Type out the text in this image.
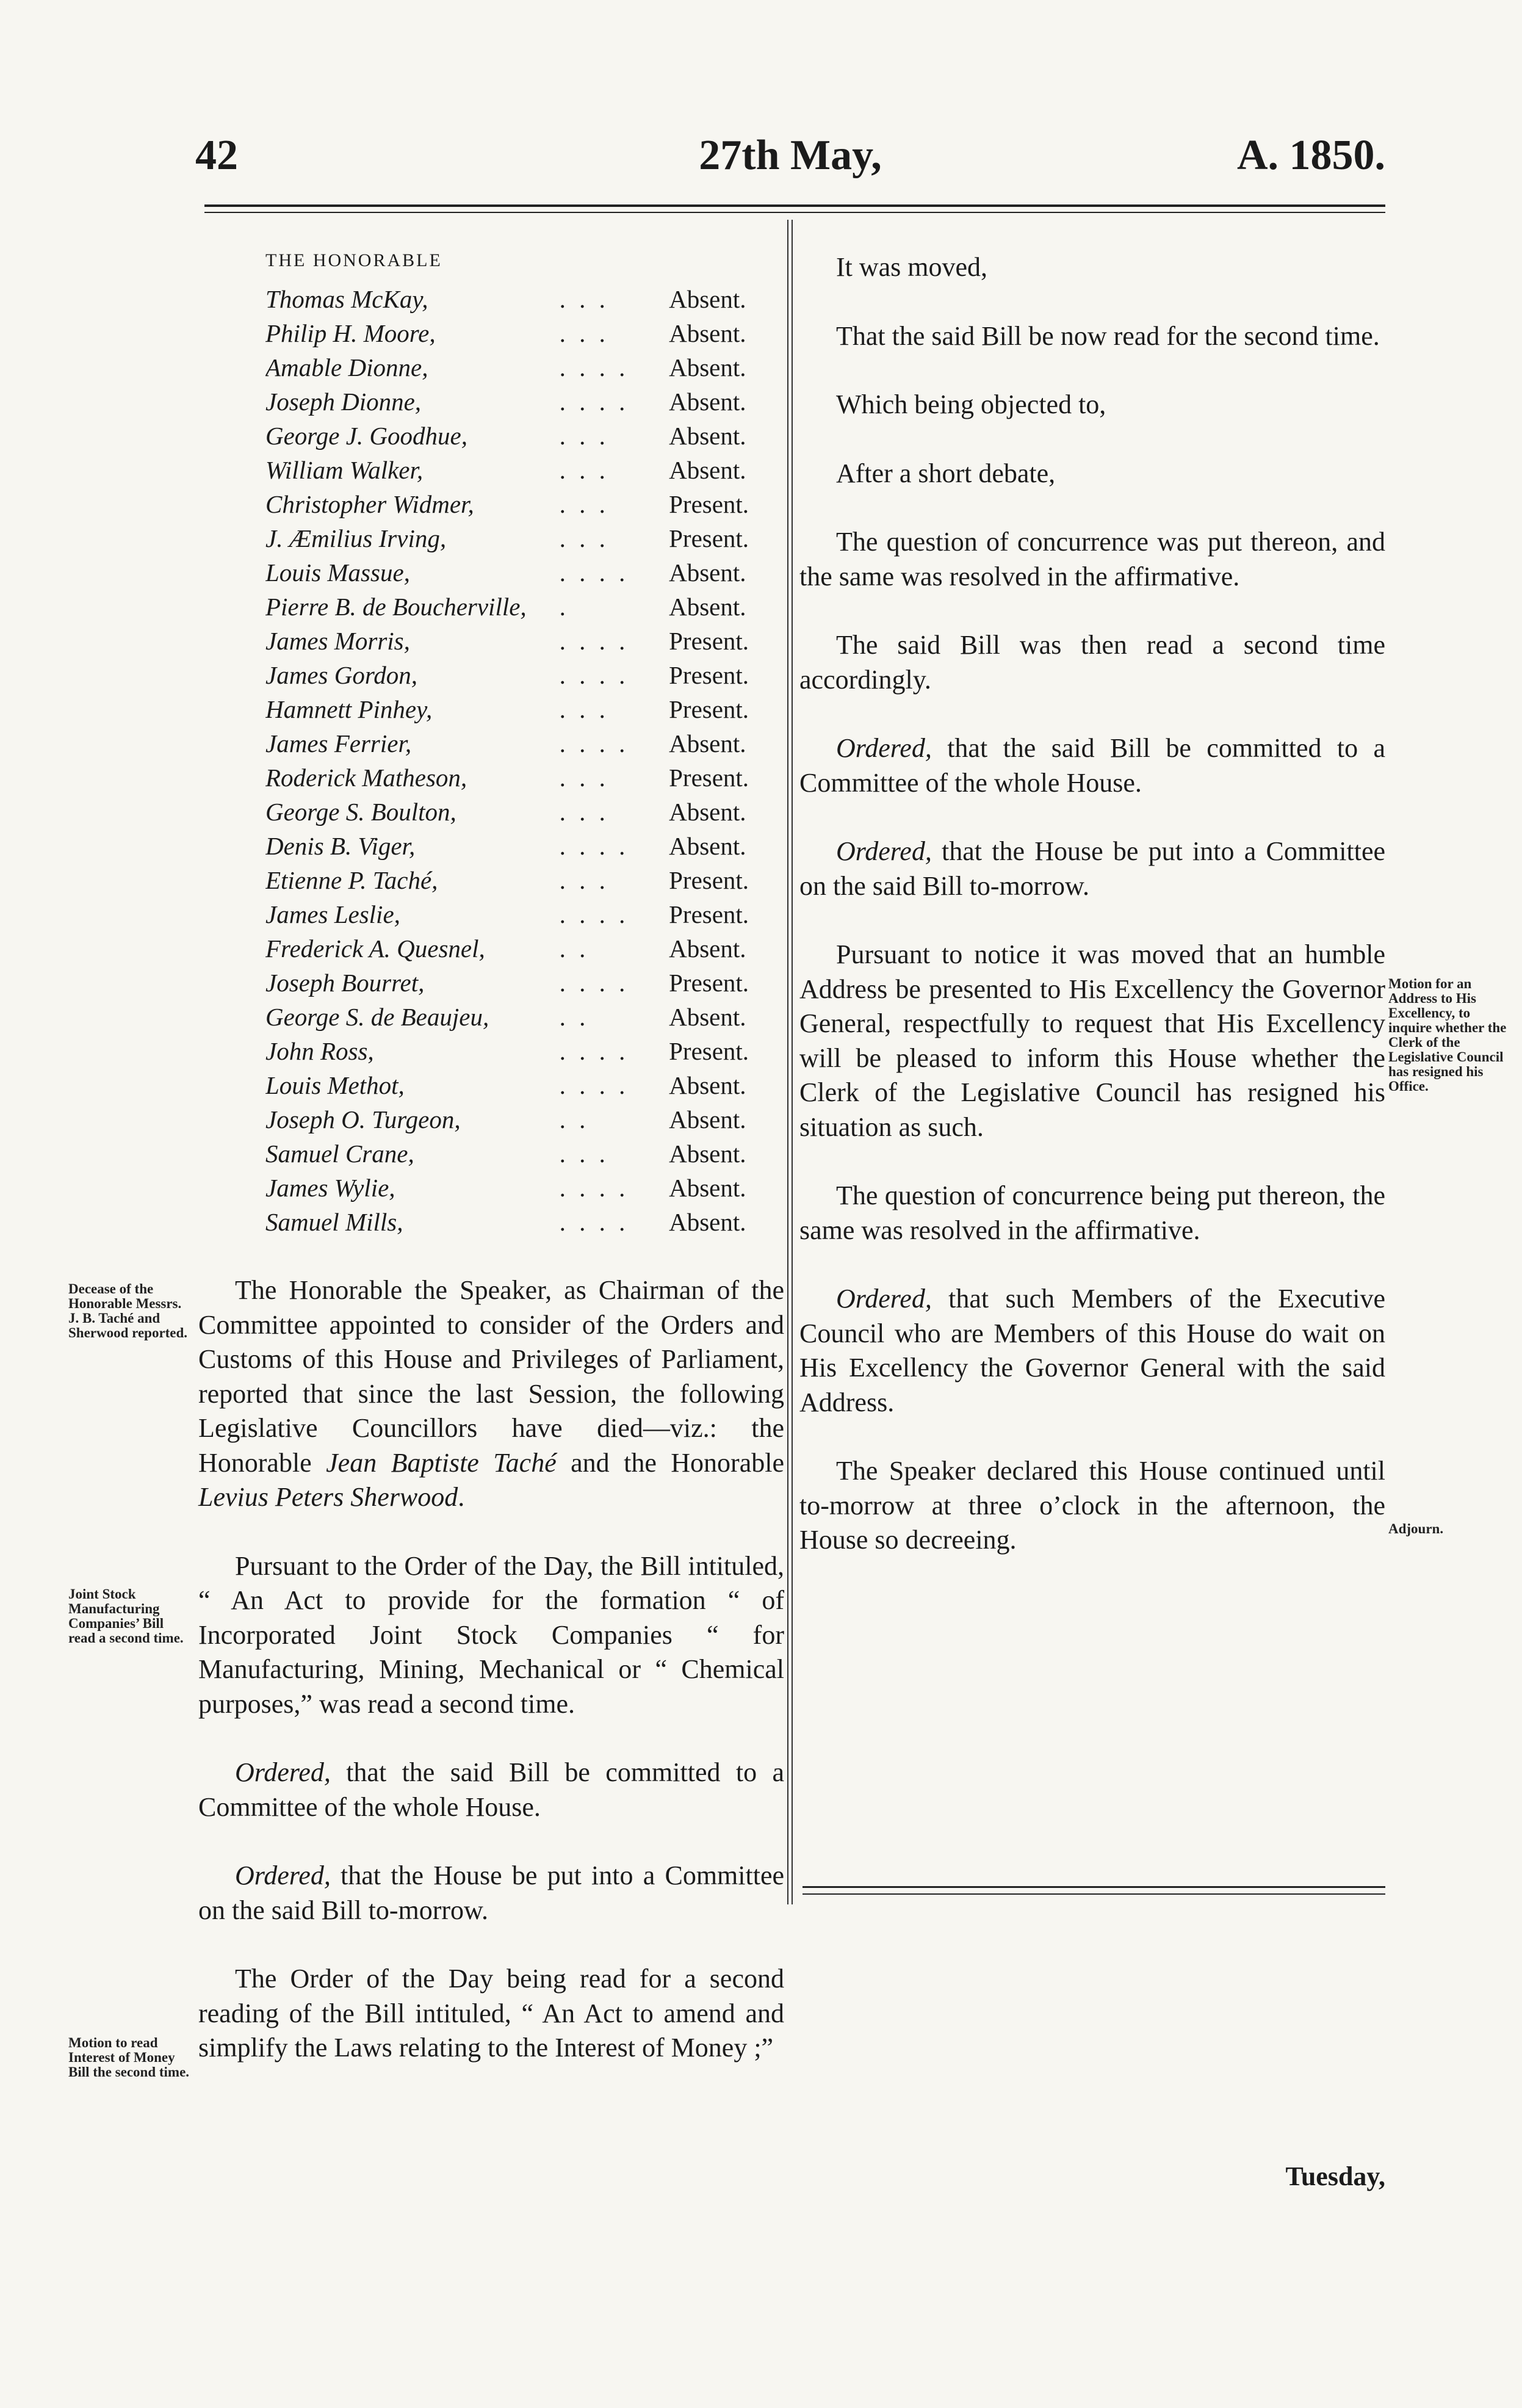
42	27th May,	A. 1850.
THE HONORABLE
Thomas McKay,	. . .	Absent.
Philip H. Moore,	. . .	Absent.
Amable Dionne,	. . . .	Absent.
Joseph Dionne,	. . . .	Absent.
George J. Goodhue,	. . .	Absent.
William Walker,	. . .	Absent.
Christopher Widmer,	. . .	Present.
J. Æmilius Irving,	. . .	Present.
Louis Massue,	. . . .	Absent.
Pierre B. de Boucherville,	.	Absent.
James Morris,	. . . .	Present.
James Gordon,	. . . .	Present.
Hamnett Pinhey,	. . .	Present.
James Ferrier,	. . . .	Absent.
Roderick Matheson,	. . .	Present.
George S. Boulton,	. . .	Absent.
Denis B. Viger,	. . . .	Absent.
Etienne P. Taché,	. . .	Present.
James Leslie,	. . . .	Present.
Frederick A. Quesnel,	. .	Absent.
Joseph Bourret,	. . . .	Present.
George S. de Beaujeu,	. .	Absent.
John Ross,	. . . .	Present.
Louis Methot,	. . . .	Absent.
Joseph O. Turgeon,	. .	Absent.
Samuel Crane,	. . .	Absent.
James Wylie,	. . . .	Absent.
Samuel Mills,	. . . .	Absent.

The Honorable the Speaker, as Chairman of the Committee appointed to consider of the Orders and Customs of this House and Privileges of Parliament, reported that since the last Session, the following Legislative Councillors have died—viz.: the Honorable Jean Baptiste Taché and the Honorable Levius Peters Sherwood.

Pursuant to the Order of the Day, the Bill intituled, “ An Act to provide for the formation “ of Incorporated Joint Stock Companies “ for Manufacturing, Mining, Mechanical or “ Chemical purposes,” was read a second time.

Ordered, that the said Bill be committed to a Committee of the whole House.

Ordered, that the House be put into a Committee on the said Bill to-morrow.

The Order of the Day being read for a second reading of the Bill intituled, “ An Act to amend and simplify the Laws relating to the Interest of Money ;”

It was moved,

That the said Bill be now read for the second time.

Which being objected to,

After a short debate,

The question of concurrence was put thereon, and the same was resolved in the affirmative.

The said Bill was then read a second time accordingly.

Ordered, that the said Bill be committed to a Committee of the whole House.

Ordered, that the House be put into a Committee on the said Bill to-morrow.

Pursuant to notice it was moved that an humble Address be presented to His Excellency the Governor General, respectfully to request that His Excellency will be pleased to inform this House whether the Clerk of the Legislative Council has resigned his situation as such.

The question of concurrence being put thereon, the same was resolved in the affirmative.

Ordered, that such Members of the Executive Council who are Members of this House do wait on His Excellency the Governor General with the said Address.

The Speaker declared this House continued until to-morrow at three o’clock in the afternoon, the House so decreeing.

Decease of the Honorable Messrs. J. B. Taché and Sherwood reported.
Joint Stock Manufacturing Companies’ Bill read a second time.
Motion to read Interest of Money Bill the second time.
Motion for an Address to His Excellency, to inquire whether the Clerk of the Legislative Council has resigned his Office.
Adjourn.
Tuesday,
